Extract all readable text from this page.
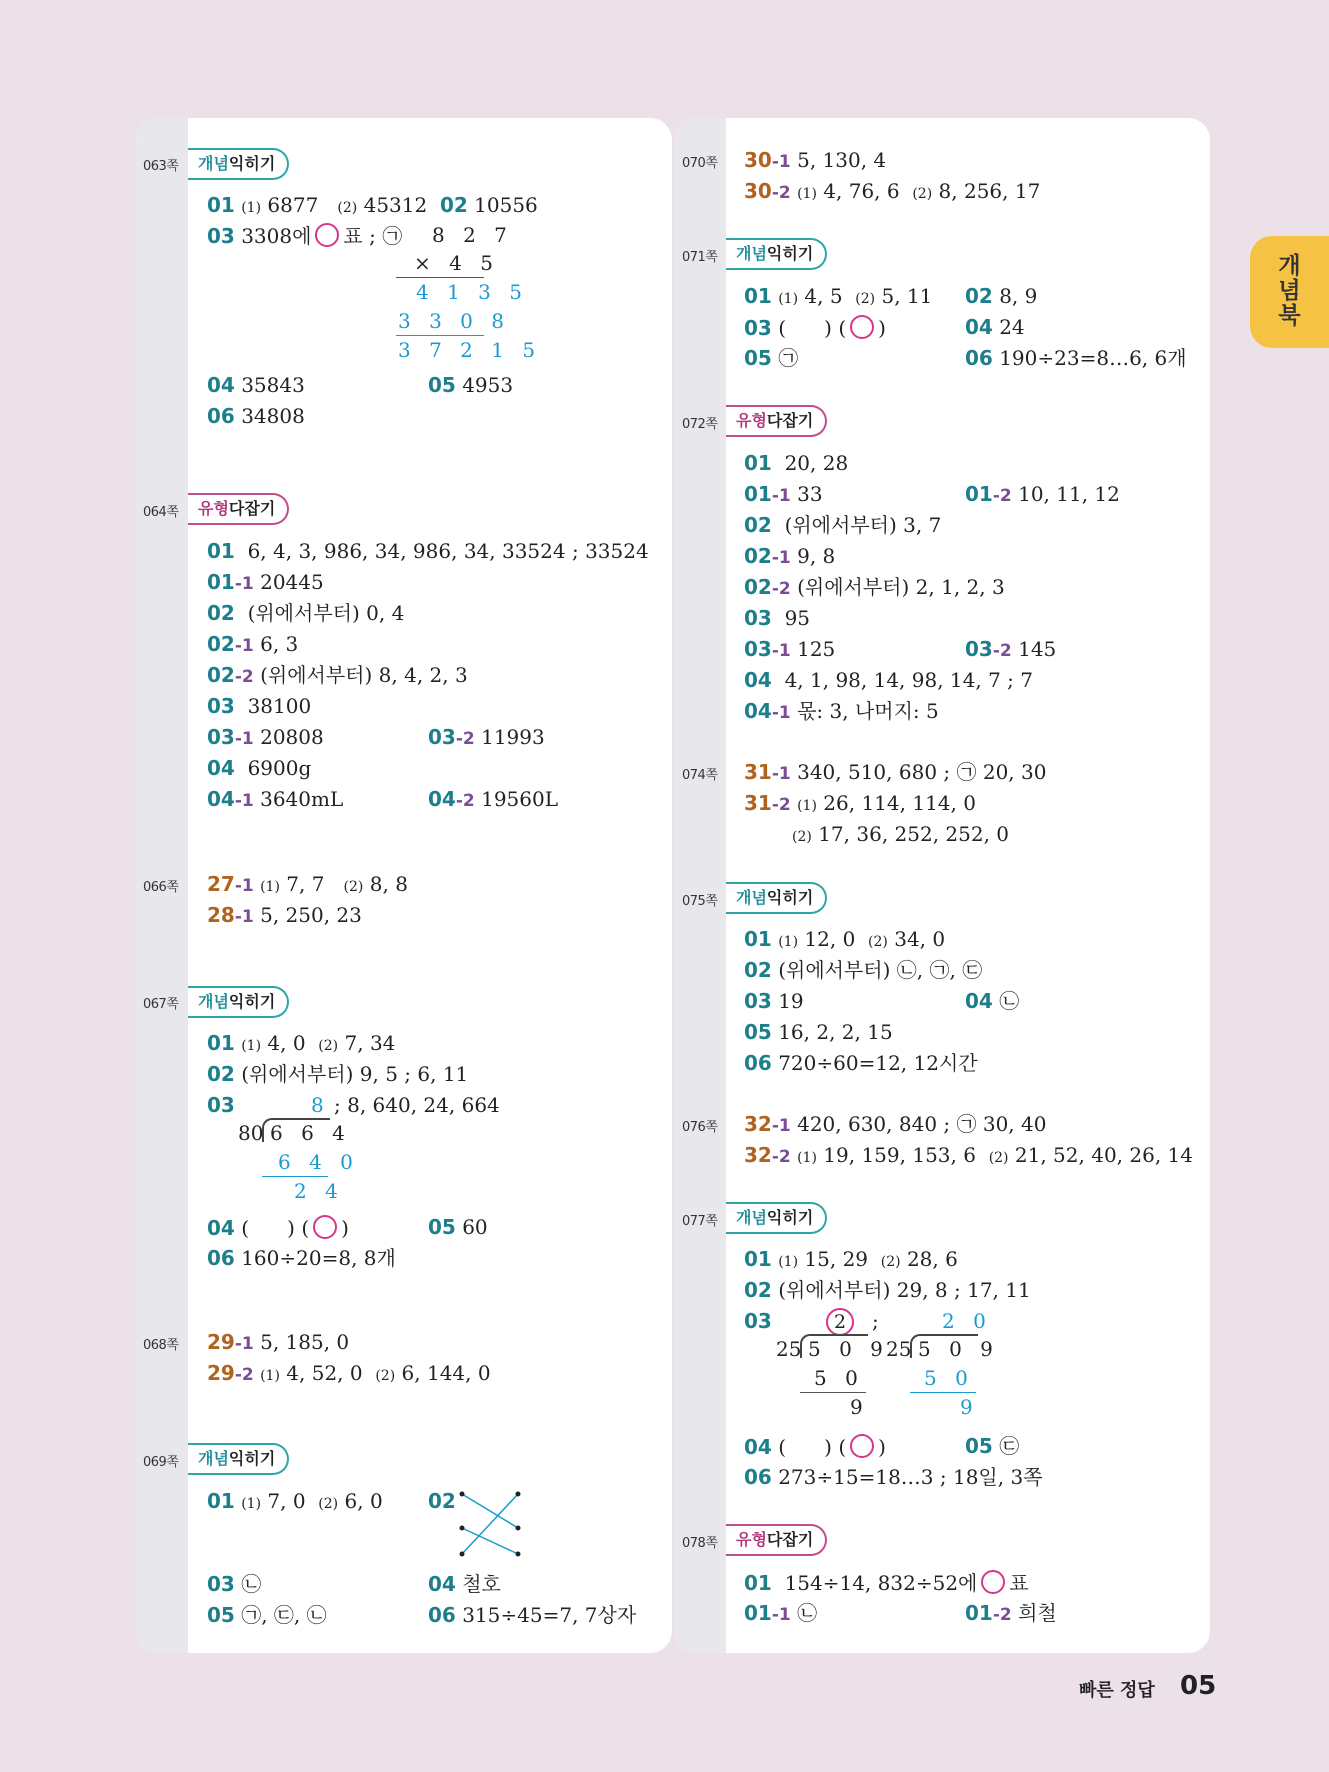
063쪽	개념익히기
01 (1) 6877 (2) 45312 02 10556
03 3308에 ○ 표 ; ㉠ 8 2 7
× 4 5
4 1 3 5
3 3 0 8
3 7 2 1 5
04 35843	05 4953
06 34808
064쪽	유형다잡기
01 6, 4, 3, 986, 34, 986, 34, 33524 ; 33524
01-1 20445
02 (위에서부터) 0, 4
02-1 6, 3
02-2 (위에서부터) 8, 4, 2, 3
03 38100
03-1 20808	03-2 11993
04 6900g
04-1 3640mL	04-2 19560L
066쪽 27-1 (1) 7, 7 (2) 8, 8
28-1 5, 250, 23
067쪽	개념익히기
01 (1) 4, 0 (2) 7, 34
02 (위에서부터) 9, 5 ; 6, 11
03	8 ; 8, 640, 24, 664
80 6 6 4
6 4 0
2 4
04 ( ) ( ○ )	05 60
06 160÷20=8, 8개
068쪽 29-1 5, 185, 0
29-2 (1) 4, 52, 0 (2) 6, 144, 0
069쪽	개념익히기
01 (1) 7, 0 (2) 6, 0 02
03 ㉡	04 철호
05 ㉠, ㉢, ㉡	06 315÷45=7, 7상자
070쪽 30-1 5, 130, 4
30-2 (1) 4, 76, 6 (2) 8, 256, 17
071쪽	개념익히기
01 (1) 4, 5 (2) 5, 11 02 8, 9
03 ( ) ( ○ )	04 24
05 ㉠	06 190÷23=8…6, 6개
072쪽	유형다잡기
01 20, 28
01-1 33	01-2 10, 11, 12
02 (위에서부터) 3, 7
02-1 9, 8
02-2 (위에서부터) 2, 1, 2, 3
03 95
03-1 125	03-2 145
04 4, 1, 98, 14, 98, 14, 7 ; 7
04-1 몫: 3, 나머지: 5
074쪽 31-1 340, 510, 680 ; ㉠ 20, 30
31-2 (1) 26, 114, 114, 0
(2) 17, 36, 252, 252, 0
075쪽	개념익히기
01 (1) 12, 0 (2) 34, 0
02 (위에서부터) ㉡, ㉠, ㉢
03 19	04 ㉡
05 16, 2, 2, 15
06 720÷60=12, 12시간
076쪽 32-1 420, 630, 840 ; ㉠ 30, 40
32-2 (1) 19, 159, 153, 6 (2) 21, 52, 40, 26, 14
077쪽	개념익히기
01 (1) 15, 29 (2) 28, 6
02 (위에서부터) 29, 8 ; 17, 11
03	2	;
25 5 0 9
5 0
9
2 0
25 5 0 9
5 0
9
04 ( ) ( ○ )	05 ㉢
06 273÷15=18…3 ; 18일, 3쪽
078쪽	유형다잡기
01 154÷14, 832÷52에 ○ 표
01-1 ㉡	01-2 희철
개
념
북
빠른 정답 05
